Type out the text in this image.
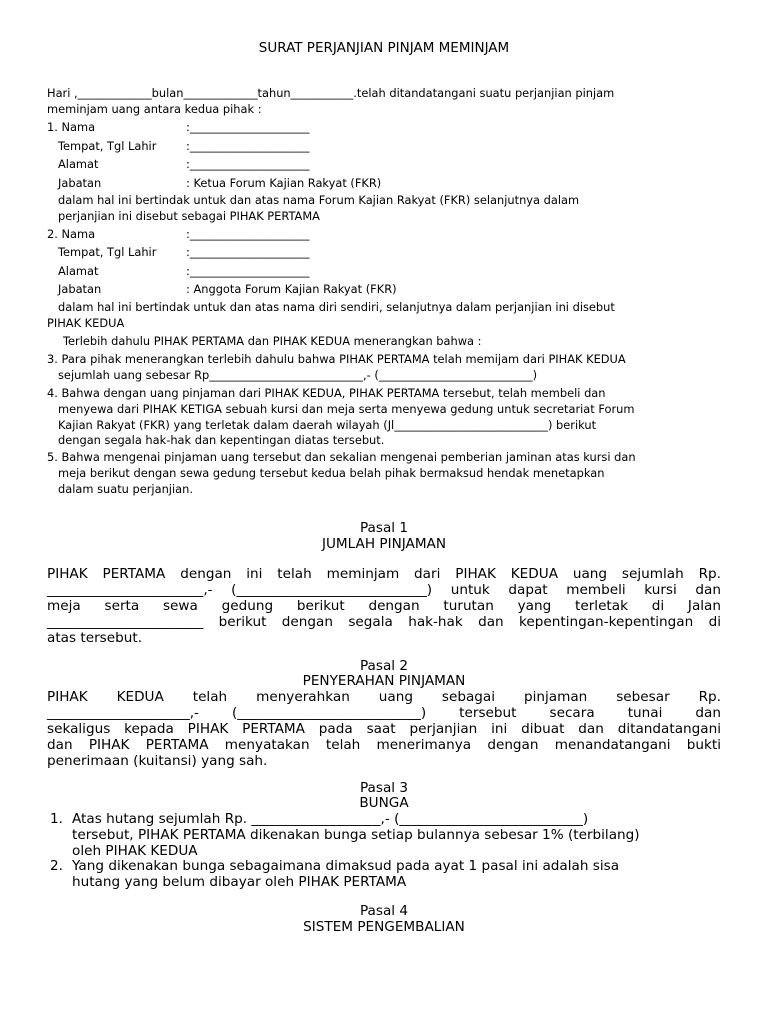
SURAT PERJANJIAN PINJAM MEMINJAM
Hari ,_____________bulan_____________tahun___________.telah ditandatangani suatu perjanjian pinjam
meminjam uang antara kedua pihak :
1. Nama	:_____________________
Tempat, Tgl Lahir	:_____________________
Alamat	:_____________________
Jabatan	: Ketua Forum Kajian Rakyat (FKR)
dalam hal ini bertindak untuk dan atas nama Forum Kajian Rakyat (FKR) selanjutnya dalam
perjanjian ini disebut sebagai PIHAK PERTAMA
2. Nama	:_____________________
Tempat, Tgl Lahir	:_____________________
Alamat	:_____________________
Jabatan	: Anggota Forum Kajian Rakyat (FKR)
dalam hal ini bertindak untuk dan atas nama diri sendiri, selanjutnya dalam perjanjian ini disebut
PIHAK KEDUA
Terlebih dahulu PIHAK PERTAMA dan PIHAK KEDUA menerangkan bahwa :
3. Para pihak menerangkan terlebih dahulu bahwa PIHAK PERTAMA telah memijam dari PIHAK KEDUA
sejumlah uang sebesar Rp___________________________,- (___________________________)
4. Bahwa dengan uang pinjaman dari PIHAK KEDUA, PIHAK PERTAMA tersebut, telah membeli dan
menyewa dari PIHAK KETIGA sebuah kursi dan meja serta menyewa gedung untuk secretariat Forum
Kajian Rakyat (FKR) yang terletak dalam daerah wilayah (Jl___________________________) berikut
dengan segala hak-hak dan kepentingan diatas tersebut.
5. Bahwa mengenai pinjaman uang tersebut dan sekalian mengenai pemberian jaminan atas kursi dan
meja berikut dengan sewa gedung tersebut kedua belah pihak bermaksud hendak menetapkan
dalam suatu perjanjian.
Pasal 1
JUMLAH PINJAMAN
PIHAK PERTAMA dengan ini telah meminjam dari PIHAK KEDUA uang sejumlah Rp.
_______________________,- (____________________________) untuk dapat membeli kursi dan
meja serta sewa gedung berikut dengan turutan yang terletak di Jalan
_______________________ berikut dengan segala hak-hak dan kepentingan-kepentingan di
atas tersebut.
Pasal 2
PENYERAHAN PINJAMAN
PIHAK KEDUA telah menyerahkan uang sebagai pinjaman sebesar Rp.
_____________________,- (___________________________) tersebut secara tunai dan
sekaligus kepada PIHAK PERTAMA pada saat perjanjian ini dibuat dan ditandatangani
dan PIHAK PERTAMA menyatakan telah menerimanya dengan menandatangani bukti
penerimaan (kuitansi) yang sah.
Pasal 3
BUNGA
1. Atas hutang sejumlah Rp. ___________________,- (___________________________)
tersebut, PIHAK PERTAMA dikenakan bunga setiap bulannya sebesar 1% (terbilang)
oleh PIHAK KEDUA
2. Yang dikenakan bunga sebagaimana dimaksud pada ayat 1 pasal ini adalah sisa
hutang yang belum dibayar oleh PIHAK PERTAMA
Pasal 4
SISTEM PENGEMBALIAN
